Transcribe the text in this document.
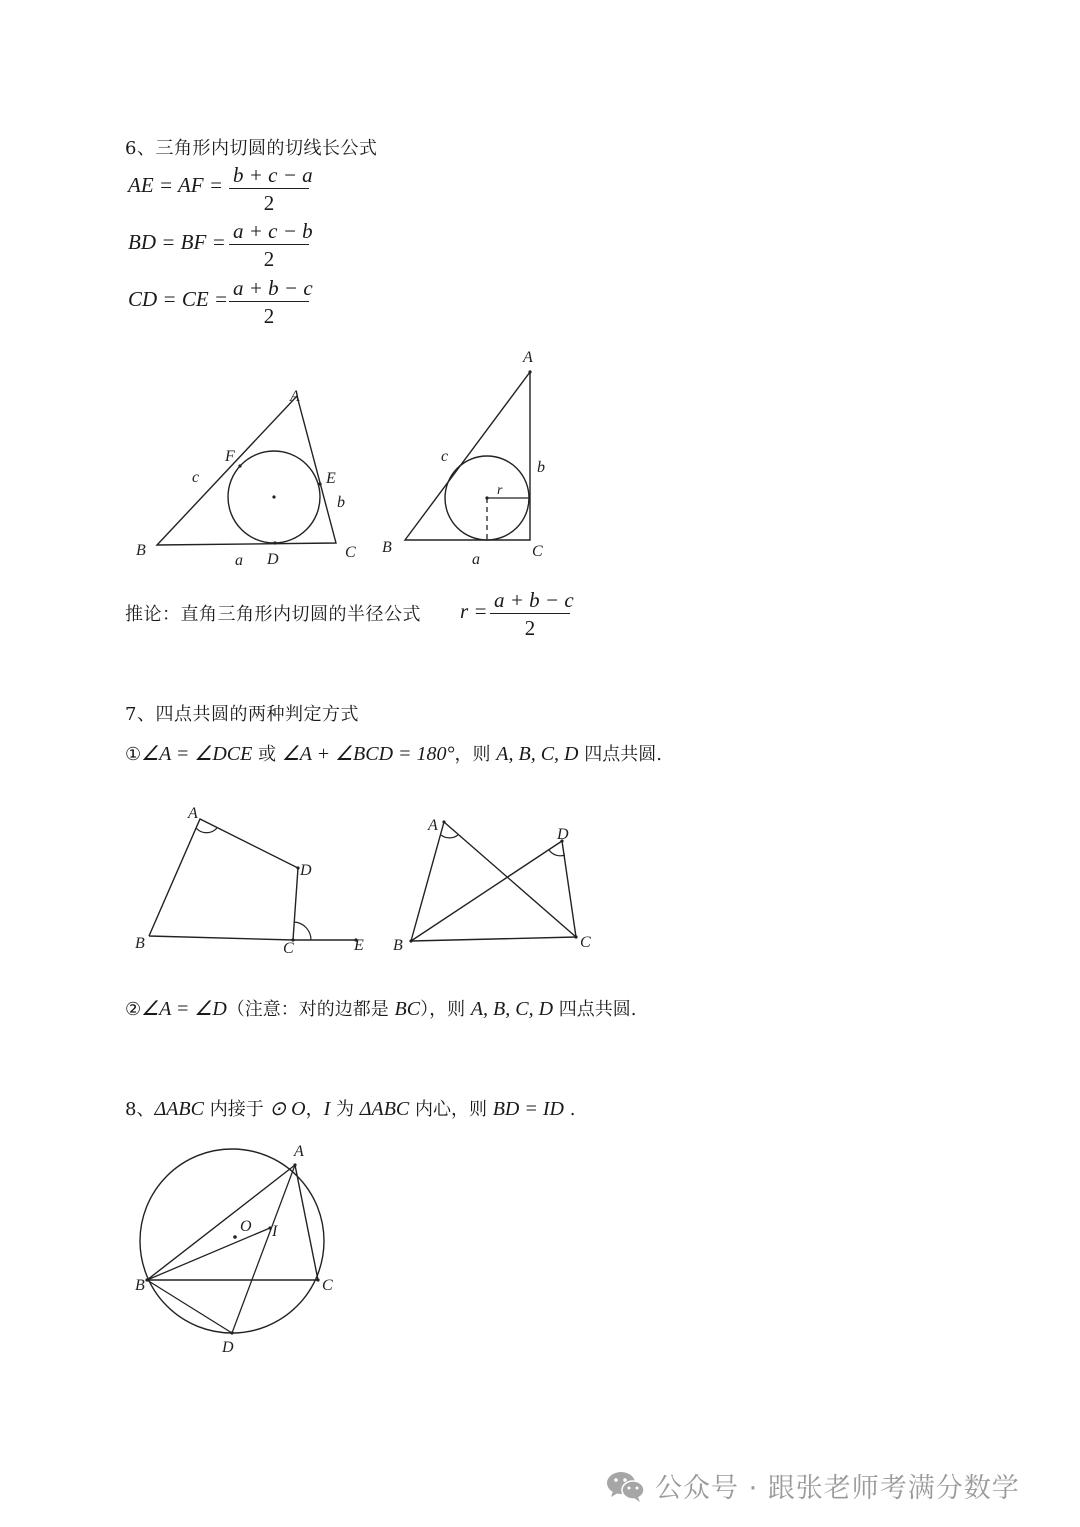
6、三角形内切圆的切线长公式
AE = AF = $\frac{b + c - a}{2}$
BD = BF = $\frac{a + c - b}{2}$
CD = CE = $\frac{a + b - c}{2}$
A
B	C
D
E
F
a
b
c
A
B	C
a
b
c
r
推论：直角三角形内切圆的半径公式 $r = \frac{a + b - c}{2}$
7、四点共圆的两种判定方式
①∠A = ∠DCE 或 ∠A + ∠BCD = 180°，则 A, B, C, D 四点共圆.
A
B	C
D
E
A
B	C
D
②∠A = ∠D（注意：对的边都是 BC），则 A, B, C, D 四点共圆.
8、ΔABC 内接于 ⊙ O，I 为 ΔABC 内心，则 BD = ID .
A
B	C
D
O I
公众号 · 跟张老师考满分数学
